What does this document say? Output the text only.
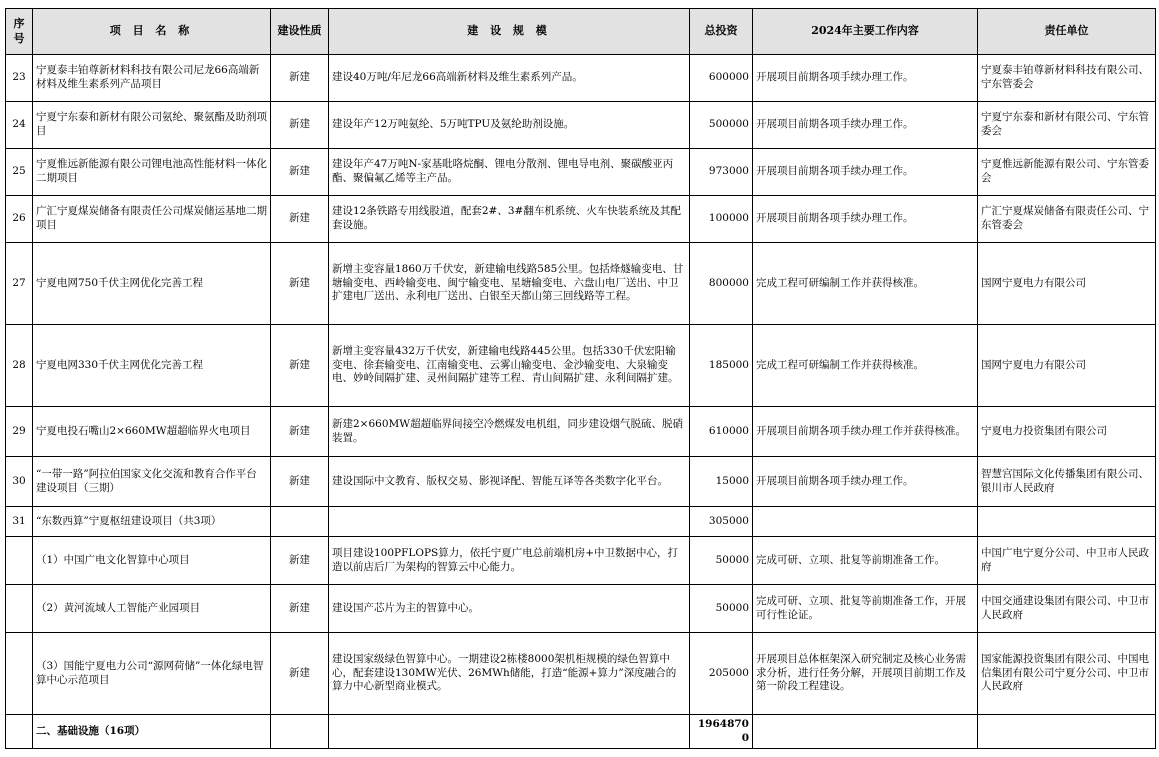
序号	项 目 名 称	建设性质	建 设 规 模	总投资	2024年主要工作内容	责任单位
23	宁夏泰丰铂尊新材料科技有限公司尼龙66高端新材料及维生素系列产品项目	新建	建设40万吨/年尼龙66高端新材料及维生素系列产品。	600000	开展项目前期各项手续办理工作。	宁夏泰丰铂尊新材料科技有限公司、宁东管委会
24	宁夏宁东泰和新材有限公司氨纶、聚氨酯及助剂项目	新建	建设年产12万吨氨纶、5万吨TPU及氨纶助剂设施。	500000	开展项目前期各项手续办理工作。	宁夏宁东泰和新材有限公司、宁东管委会
25	宁夏惟远新能源有限公司锂电池高性能材料一体化二期项目	新建	建设年产47万吨N-家基吡咯烷酮、锂电分散剂、锂电导电剂、聚碳酸亚丙酯、聚偏氟乙烯等主产品。	973000	开展项目前期各项手续办理工作。	宁夏惟远新能源有限公司、宁东管委会
26	广汇宁夏煤炭储备有限责任公司煤炭储运基地二期项目	新建	建设12条铁路专用线股道，配套2#、3#翻车机系统、火车快装系统及其配套设施。	100000	开展项目前期各项手续办理工作。	广汇宁夏煤炭储备有限责任公司、宁东管委会
27	宁夏电网750千伏主网优化完善工程	新建	新增主变容量1860万千伏安，新建输电线路585公里。包括烽燧输变电、甘塘输变电、西岭输变电、闽宁输变电、星塘输变电、六盘山电厂送出、中卫扩建电厂送出、永利电厂送出、白银至天都山第三回线路等工程。	800000	完成工程可研编制工作并获得核准。	国网宁夏电力有限公司
28	宁夏电网330千伏主网优化完善工程	新建	新增主变容量432万千伏安，新建输电线路445公里。包括330千伏宏阳输变电、徐套输变电、江南输变电、云雾山输变电、金沙输变电、大泉输变电、妙岭间隔扩建、灵州间隔扩建等工程、青山间隔扩建、永利间隔扩建。	185000	完成工程可研编制工作并获得核准。	国网宁夏电力有限公司
29	宁夏电投石嘴山2×660MW超超临界火电项目	新建	新建2×660MW超超临界间接空冷燃煤发电机组，同步建设烟气脱硫、脱硝装置。	610000	开展项目前期各项手续办理工作并获得核准。	宁夏电力投资集团有限公司
30	“一带一路”阿拉伯国家文化交流和教育合作平台建设项目（三期）	新建	建设国际中文教育、版权交易、影视译配、智能互译等各类数字化平台。	15000	开展项目前期各项手续办理工作。	智慧宫国际文化传播集团有限公司、银川市人民政府
31	“东数西算”宁夏枢纽建设项目（共3项）			305000		
	（1）中国广电文化智算中心项目	新建	项目建设100PFLOPS算力，依托宁夏广电总前端机房+中卫数据中心，打造以前店后厂为架构的智算云中心能力。	50000	完成可研、立项、批复等前期准备工作。	中国广电宁夏分公司、中卫市人民政府
	（2）黄河流域人工智能产业园项目	新建	建设国产芯片为主的智算中心。	50000	完成可研、立项、批复等前期准备工作，开展可行性论证。	中国交通建设集团有限公司、中卫市人民政府
	（3）国能宁夏电力公司“源网荷储”一体化绿电智算中心示范项目	新建	建设国家级绿色智算中心。一期建设2栋楼8000架机柜规模的绿色智算中心，配套建设130MW光伏、26MWh储能，打造“能源+算力”深度融合的算力中心新型商业模式。	205000	开展项目总体框架深入研究制定及核心业务需求分析，进行任务分解，开展项目前期工作及第一阶段工程建设。	国家能源投资集团有限公司、中国电信集团有限公司宁夏分公司、中卫市人民政府
	二、基础设施（16项）			19648700		
